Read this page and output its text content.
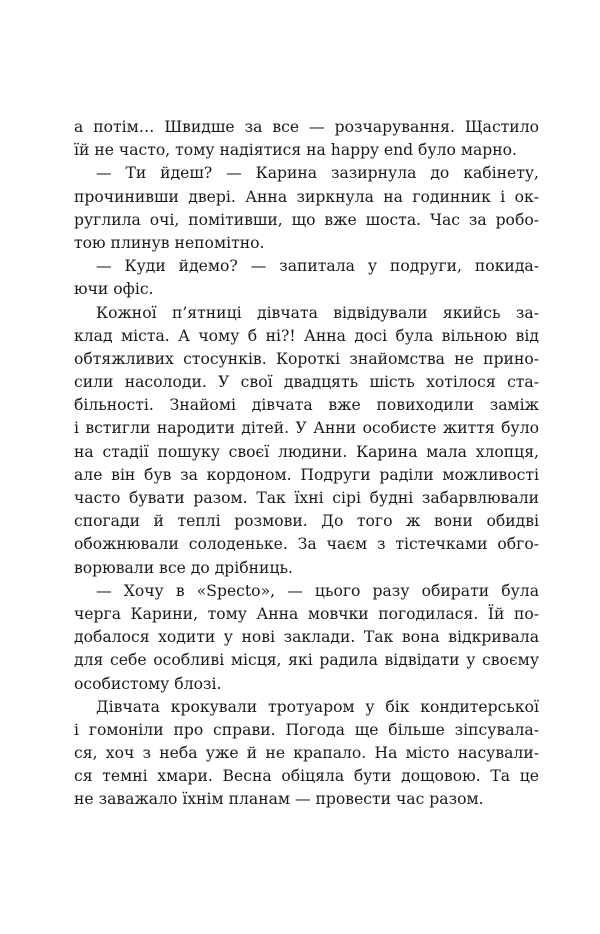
а потім… Швидше за все — розчарування. Щастило
їй не часто, тому надіятися на happy end було марно.
— Ти йдеш? — Карина зазирнула до кабінету,
прочинивши двері. Анна зиркнула на годинник і ок-
руглила очі, помітивши, що вже шоста. Час за робо-
тою плинув непомітно.
— Куди йдемо? — запитала у подруги, покида-
ючи офіс.
Кожної п’ятниці дівчата відвідували якийсь за-
клад міста. А чому б ні?! Анна досі була вільною від
обтяжливих стосунків. Короткі знайомства не прино-
сили насолоди. У свої двадцять шість хотілося ста-
більності. Знайомі дівчата вже повиходили заміж
і встигли народити дітей. У Анни особисте життя було
на стадії пошуку своєї людини. Карина мала хлопця,
але він був за кордоном. Подруги раділи можливості
часто бувати разом. Так їхні сірі будні забарвлювали
спогади й теплі розмови. До того ж вони обидві
обожнювали солоденьке. За чаєм з тістечками обго-
ворювали все до дрібниць.
— Хочу в «Specto», — цього разу обирати була
черга Карини, тому Анна мовчки погодилася. Їй по-
добалося ходити у нові заклади. Так вона відкривала
для себе особливі місця, які радила відвідати у своєму
особистому блозі.
Дівчата крокували тротуаром у бік кондитерської
і гомоніли про справи. Погода ще більше зіпсувала-
ся, хоч з неба уже й не крапало. На місто насували-
ся темні хмари. Весна обіцяла бути дощовою. Та це
не заважало їхнім планам — провести час разом.
